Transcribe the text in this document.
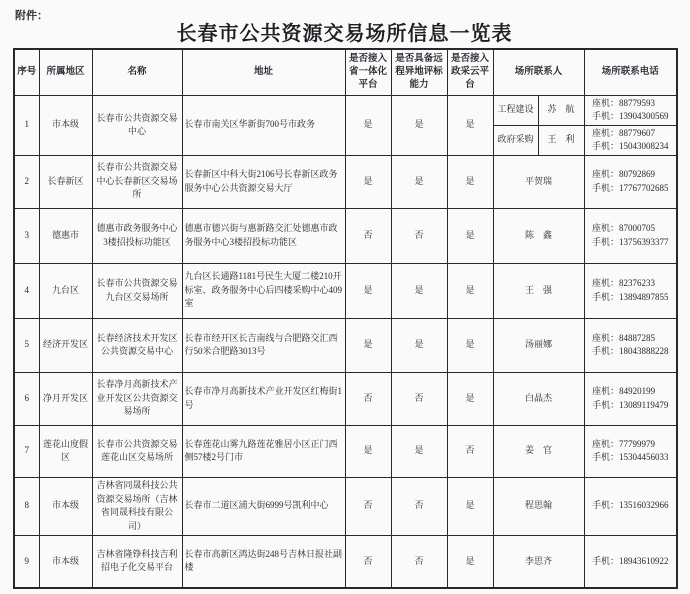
附件：
长春市公共资源交易场所信息一览表
序号	所属地区	名称	地址	是否接入省一体化平台	是否具备远程异地评标能力	是否接入政采云平台	场所联系人		场所联系电话
1	市本级	长春市公共资源交易中心	长春市南关区华新街700号市政务	是	是	是	工程建设	苏　航	座机：88779593
手机：13904300569

							政府采购	王　利	座机：88779607
手机：15043008234

2	长春新区	长春市公共资源交易中心长春新区交易场所	长春新区中科大街2106号长春新区政务服务中心公共资源交易大厅	是	是	是	平贺瑞		座机：80792869
手机：17767702685

3	德惠市	德惠市政务服务中心3楼招投标功能区	德惠市德兴街与惠新路交汇处德惠市政务服务中心3楼招投标功能区	否	否	是	陈　鑫		座机：87000705
手机：13756393377

4	九台区	长春市公共资源交易九台区交易场所	九台区长通路1181号民生大厦二楼210开标室、政务服务中心后四楼采购中心409室	是	是	是	王　强		座机：82376233
手机：13894897855

5	经济开发区	长春经济技术开发区公共资源交易中心	长春市经开区长吉南线与合肥路交汇西行50米合肥路3013号	是	是	是	汤丽娜		座机：84887285
手机：18043888228

6	净月开发区	长春净月高新技术产业开发区公共资源交易场所	长春市净月高新技术产业开发区红梅街1号	否	否	是	白晶杰		座机：84920199
手机：13089119479

7	莲花山度假区	长春市公共资源交易莲花山区交易场所	长春莲花山雾九路莲花雅居小区正门西侧57楼2号门市	是	是	否	姜　官		座机：77799979
手机：15304456033

8	市本级	吉林省同晟科技公共资源交易场所（吉林省同晟科技有限公司）	长春市二道区浦大街6999号凯利中心	否	否	是	程思翰		手机：13516032966

9	市本级	吉林省隆铮科技吉利招电子化交易平台	长春市高新区鸿达街248号吉林日报社副楼	否	否	是	李思齐		手机：18943610922
